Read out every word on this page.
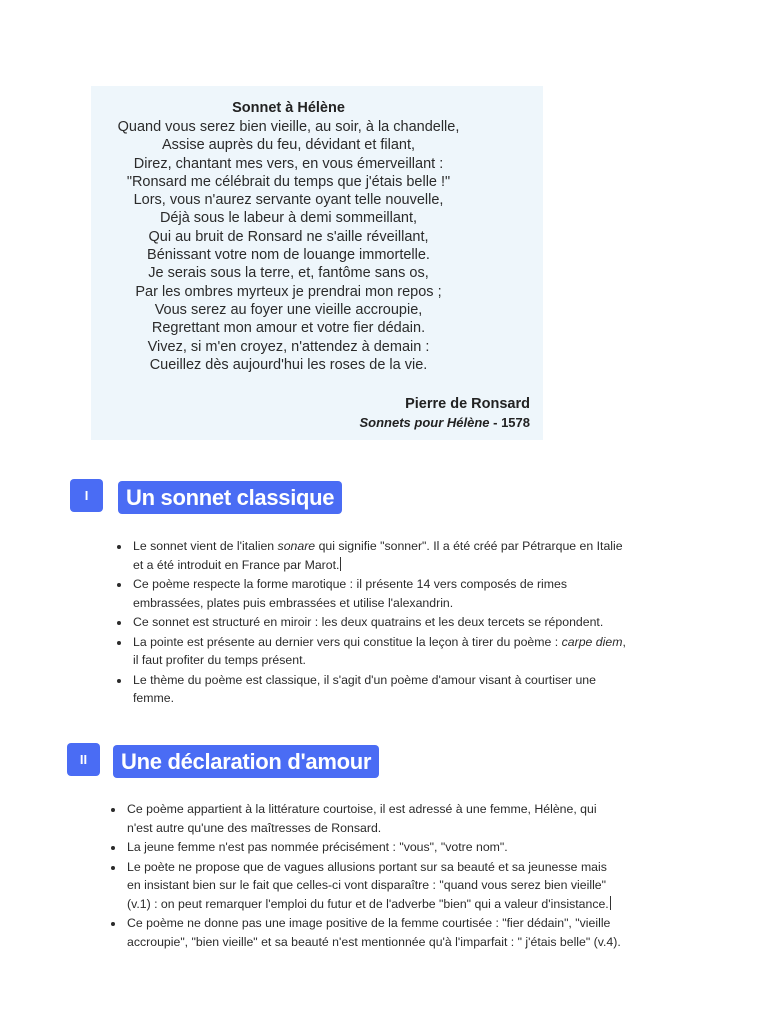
Sonnet à Hélène
Quand vous serez bien vieille, au soir, à la chandelle,
Assise auprès du feu, dévidant et filant,
Direz, chantant mes vers, en vous émerveillant :
"Ronsard me célébrait du temps que j'étais belle !"
Lors, vous n'aurez servante oyant telle nouvelle,
Déjà sous le labeur à demi sommeillant,
Qui au bruit de Ronsard ne s'aille réveillant,
Bénissant votre nom de louange immortelle.
Je serais sous la terre, et, fantôme sans os,
Par les ombres myrteux je prendrai mon repos ;
Vous serez au foyer une vieille accroupie,
Regrettant mon amour et votre fier dédain.
Vivez, si m'en croyez, n'attendez à demain :
Cueillez dès aujourd'hui les roses de la vie.
Pierre de Ronsard
Sonnets pour Hélène - 1578
I	Un sonnet classique
• Le sonnet vient de l'italien sonare qui signifie "sonner". Il a été créé par Pétrarque en Italie et a été introduit en France par Marot.
• Ce poème respecte la forme marotique : il présente 14 vers composés de rimes embrassées, plates puis embrassées et utilise l'alexandrin.
• Ce sonnet est structuré en miroir : les deux quatrains et les deux tercets se répondent.
• La pointe est présente au dernier vers qui constitue la leçon à tirer du poème : carpe diem, il faut profiter du temps présent.
• Le thème du poème est classique, il s'agit d'un poème d'amour visant à courtiser une femme.
II	Une déclaration d'amour
• Ce poème appartient à la littérature courtoise, il est adressé à une femme, Hélène, qui n'est autre qu'une des maîtresses de Ronsard.
• La jeune femme n'est pas nommée précisément : "vous", "votre nom".
• Le poète ne propose que de vagues allusions portant sur sa beauté et sa jeunesse mais en insistant bien sur le fait que celles-ci vont disparaître : "quand vous serez bien vieille" (v.1) : on peut remarquer l'emploi du futur et de l'adverbe "bien" qui a valeur d'insistance.
• Ce poème ne donne pas une image positive de la femme courtisée : "fier dédain", "vieille accroupie", "bien vieille" et sa beauté n'est mentionnée qu'à l'imparfait : " j'étais belle" (v.4).
